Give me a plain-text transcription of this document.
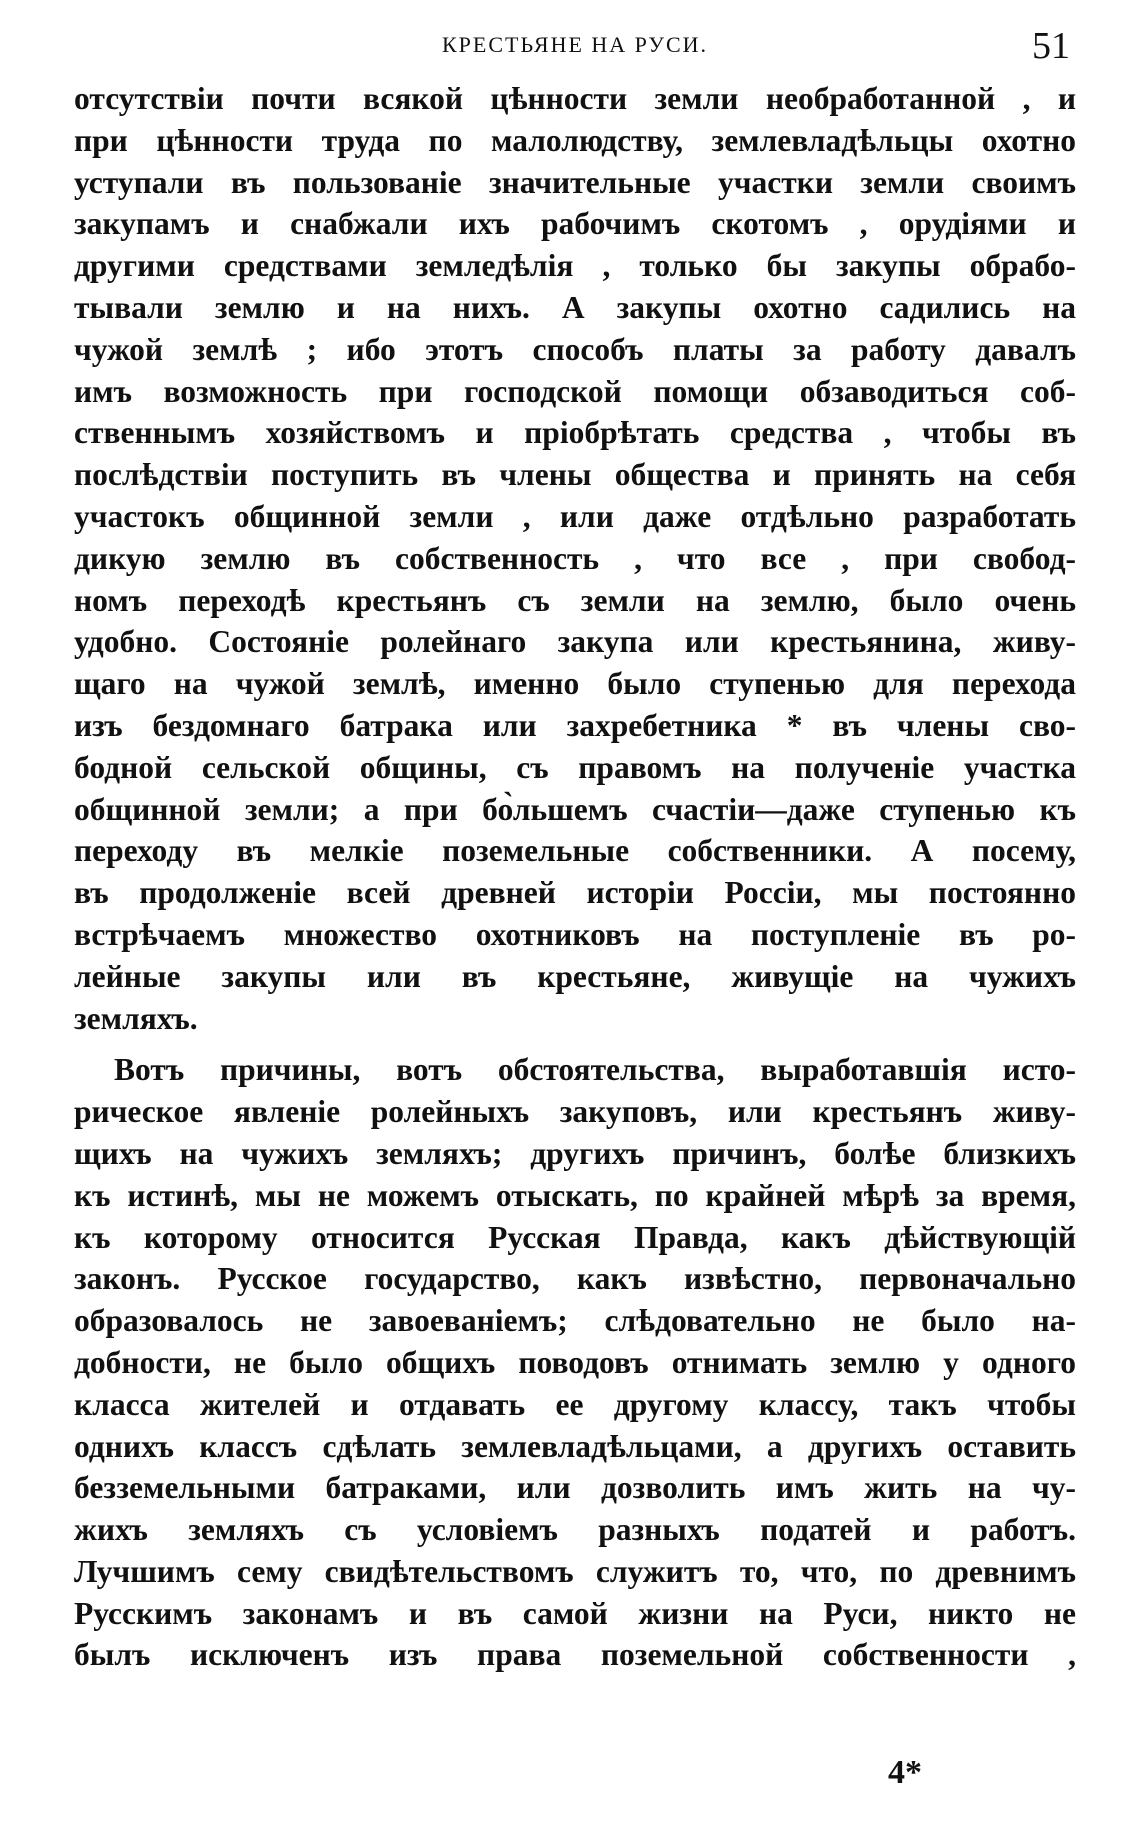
КРЕСТЬЯНЕ НА РУСИ.	51
отсутствіи почти всякой цѣнности земли необработанной , и
при цѣнности труда по малолюдству, землевладѣльцы охотно
уступали въ пользованіе значительные участки земли своимъ
закупамъ и снабжали ихъ рабочимъ скотомъ , орудіями и
другими средствами земледѣлія , только бы закупы обрабо-
тывали землю и на нихъ. А закупы охотно садились на
чужой землѣ ; ибо этотъ способъ платы за работу давалъ
имъ возможность при господской помощи обзаводиться соб-
ственнымъ хозяйствомъ и пріобрѣтать средства , чтобы въ
послѣдствіи поступить въ члены общества и принять на себя
участокъ общинной земли , или даже отдѣльно разработать
дикую землю въ собственность , что все , при свобод-
номъ переходѣ крестьянъ съ земли на землю, было очень
удобно. Состояніе ролейнаго закупа или крестьянина, живу-
щаго на чужой землѣ, именно было ступенью для перехода
изъ бездомнаго батрака или захребетника * въ члены сво-
бодной сельской общины, съ правомъ на полученіе участка
общинной земли; а при бо̀льшемъ счастіи—даже ступенью къ
переходу въ мелкіе поземельные собственники. А посему,
въ продолженіе всей древней исторіи Россіи, мы постоянно
встрѣчаемъ множество охотниковъ на поступленіе въ ро-
лейные закупы или въ крестьяне, живущіе на чужихъ
земляхъ.
Вотъ причины, вотъ обстоятельства, выработавшія исто-
рическое явленіе ролейныхъ закуповъ, или крестьянъ живу-
щихъ на чужихъ земляхъ; другихъ причинъ, болѣе близкихъ
къ истинѣ, мы не можемъ отыскать, по крайней мѣрѣ за время,
къ которому относится Русская Правда, какъ дѣйствующій
законъ. Русское государство, какъ извѣстно, первоначально
образовалось не завоеваніемъ; слѣдовательно не было на-
добности, не было общихъ поводовъ отнимать землю у одного
класса жителей и отдавать ее другому классу, такъ чтобы
однихъ классъ сдѣлать землевладѣльцами, а другихъ оставить
безземельными батраками, или дозволить имъ жить на чу-
жихъ земляхъ съ условіемъ разныхъ податей и работъ.
Лучшимъ сему свидѣтельствомъ служитъ то, что, по древнимъ
Русскимъ законамъ и въ самой жизни на Руси, никто не
былъ исключенъ изъ права поземельной собственности ,
4*
